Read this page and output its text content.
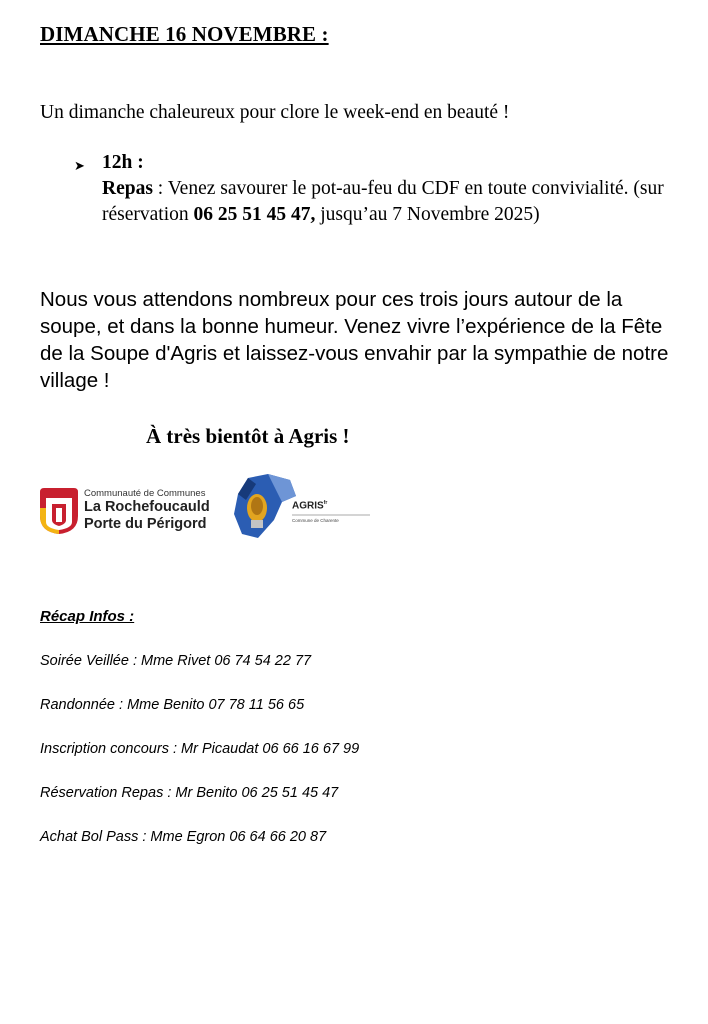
DIMANCHE 16 NOVEMBRE :
Un dimanche chaleureux pour clore le week-end en beauté !
➤ 12h :
Repas : Venez savourer le pot-au-feu du CDF en toute convivialité. (sur réservation 06 25 51 45 47, jusqu’au 7 Novembre 2025)
Nous vous attendons nombreux pour ces trois jours autour de la soupe, et dans la bonne humeur. Venez vivre l’expérience de la Fête de la Soupe d'Agris et laissez-vous envahir par la sympathie de notre village !
À très bientôt à Agris !
Communauté de Communes
La Rochefoucauld
Porte du Périgord
$AGRIS^{fr}$
Commune de Charente
Récap Infos :
Soirée Veillée : Mme Rivet 06 74 54 22 77
Randonnée : Mme Benito 07 78 11 56 65
Inscription concours : Mr Picaudat 06 66 16 67 99
Réservation Repas : Mr Benito 06 25 51 45 47
Achat Bol Pass : Mme Egron 06 64 66 20 87
